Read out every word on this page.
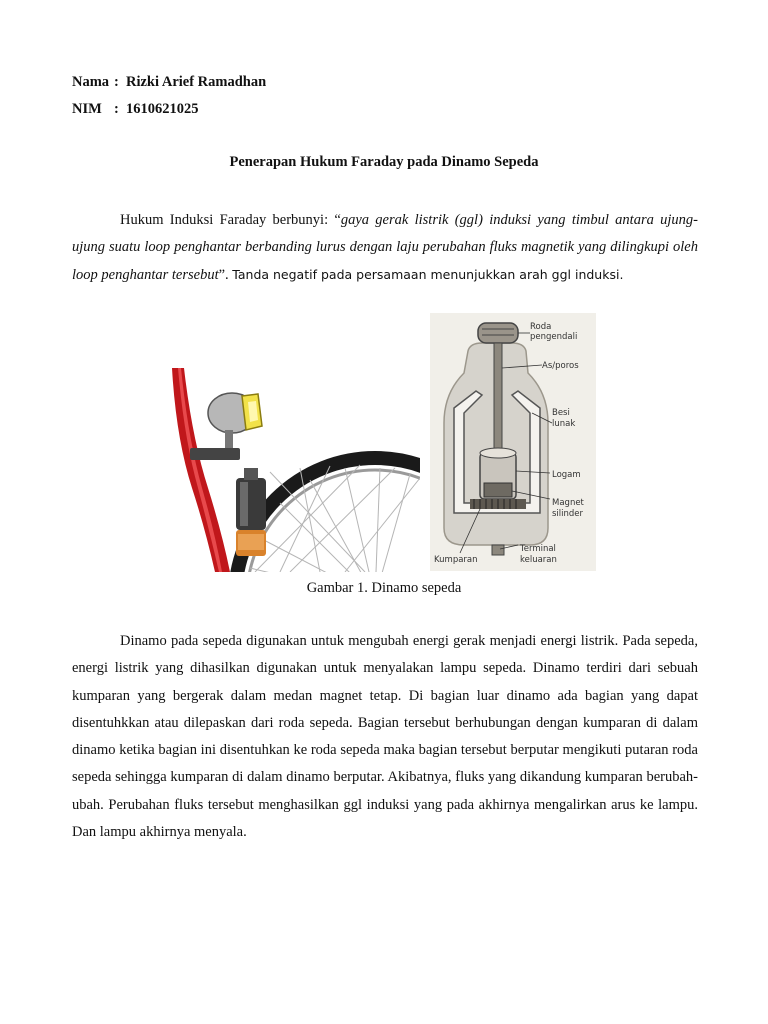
Nama : Rizki Arief Ramadhan
NIM : 1610621025
Penerapan Hukum Faraday pada Dinamo Sepeda
Hukum Induksi Faraday berbunyi: “gaya gerak listrik (ggl) induksi yang timbul antara ujung-ujung suatu loop penghantar berbanding lurus dengan laju perubahan fluks magnetik yang dilingkupi oleh loop penghantar tersebut”. Tanda negatif pada persamaan menunjukkan arah ggl induksi.
Roda
pengendali
As/poros
Besi
lunak
Logam
Magnet
silinder
Kumparan
Terminal
keluaran
Gambar 1. Dinamo sepeda
Dinamo pada sepeda digunakan untuk mengubah energi gerak menjadi energi listrik. Pada sepeda, energi listrik yang dihasilkan digunakan untuk menyalakan lampu sepeda. Dinamo terdiri dari sebuah kumparan yang bergerak dalam medan magnet tetap. Di bagian luar dinamo ada bagian yang dapat disentuhkkan atau dilepaskan dari roda sepeda. Bagian tersebut berhubungan dengan kumparan di dalam dinamo ketika bagian ini disentuhkan ke roda sepeda maka bagian tersebut berputar mengikuti putaran roda sepeda sehingga kumparan di dalam dinamo berputar. Akibatnya, fluks yang dikandung kumparan berubah-ubah. Perubahan fluks tersebut menghasilkan ggl induksi yang pada akhirnya mengalirkan arus ke lampu. Dan lampu akhirnya menyala.
